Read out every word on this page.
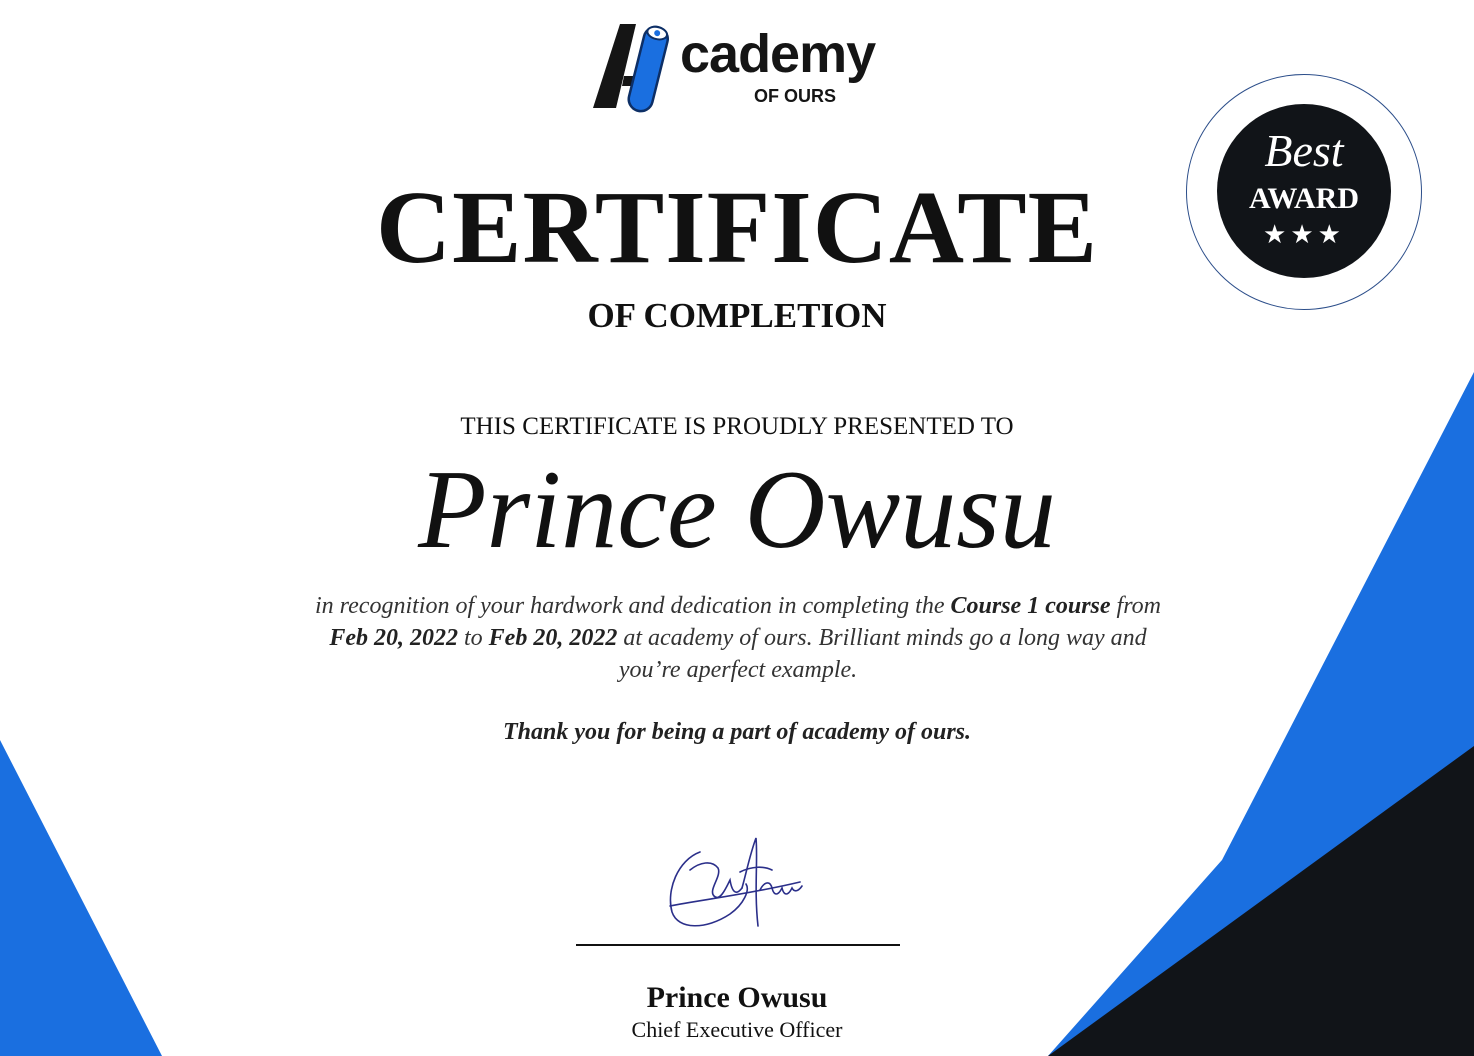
cademy
OF OURS
Best
AWARD
★★★
CERTIFICATE
OF COMPLETION
THIS CERTIFICATE IS PROUDLY PRESENTED TO
Prince Owusu
in recognition of your hardwork and dedication in completing the Course 1 course from Feb 20, 2022 to Feb 20, 2022 at academy of ours. Brilliant minds go a long way and you’re aperfect example.
Thank you for being a part of academy of ours.
Prince Owusu
Chief Executive Officer
